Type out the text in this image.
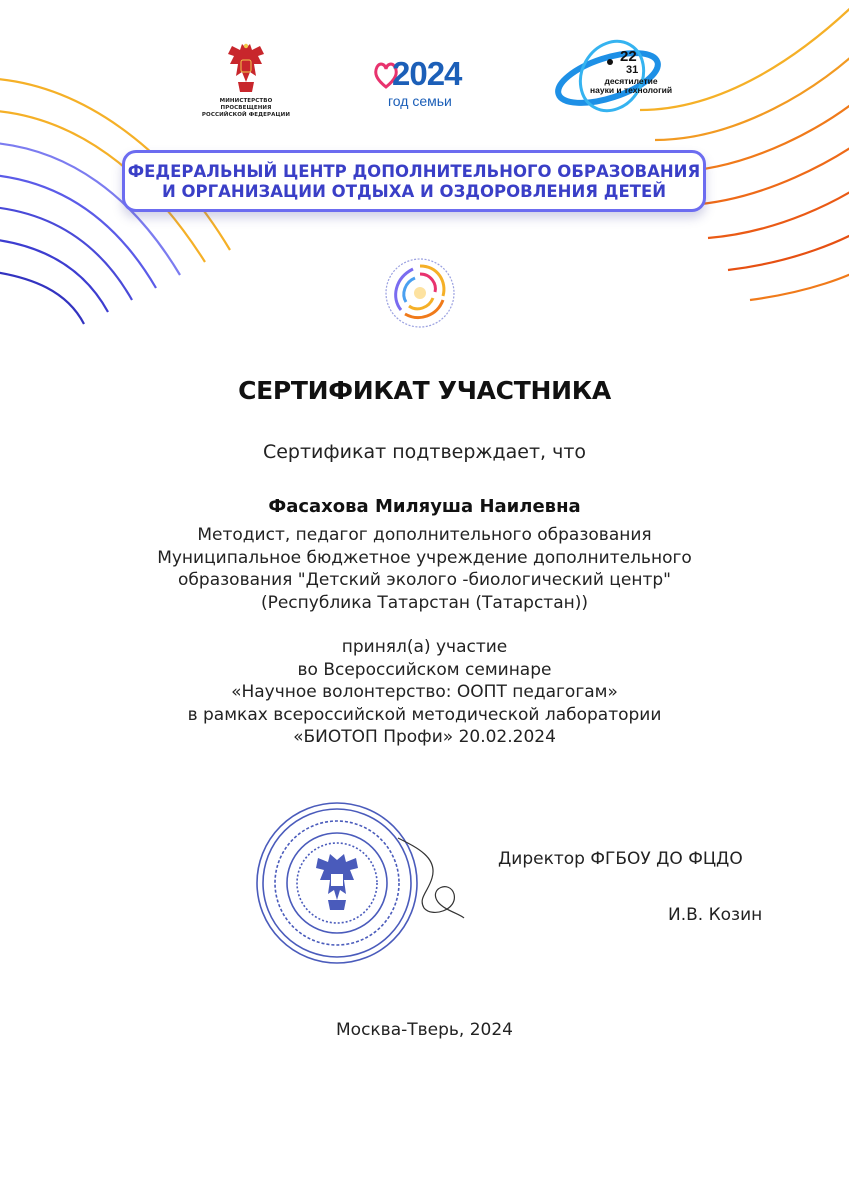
МИНИСТЕРСТВО ПРОСВЕЩЕНИЯ
РОССИЙСКОЙ ФЕДЕРАЦИИ
2024
год семьи
22
31
десятилетие
науки и технологий
ФЕДЕРАЛЬНЫЙ ЦЕНТР ДОПОЛНИТЕЛЬНОГО ОБРАЗОВАНИЯ
И ОРГАНИЗАЦИИ ОТДЫХА И ОЗДОРОВЛЕНИЯ ДЕТЕЙ
СЕРТИФИКАТ УЧАСТНИКА
Сертификат подтверждает, что
Фасахова Миляуша Наилевна
Методист, педагог дополнительного образования
Муниципальное бюджетное учреждение дополнительного
образования "Детский эколого -биологический центр"
(Республика Татарстан (Татарстан))
принял(а) участие
во Всероссийском семинаре
«Научное волонтерство: ООПТ педагогам»
в рамках всероссийской методической лаборатории
«БИОТОП Профи» 20.02.2024
Директор ФГБОУ ДО ФЦДО
И.В. Козин
Москва-Тверь, 2024
